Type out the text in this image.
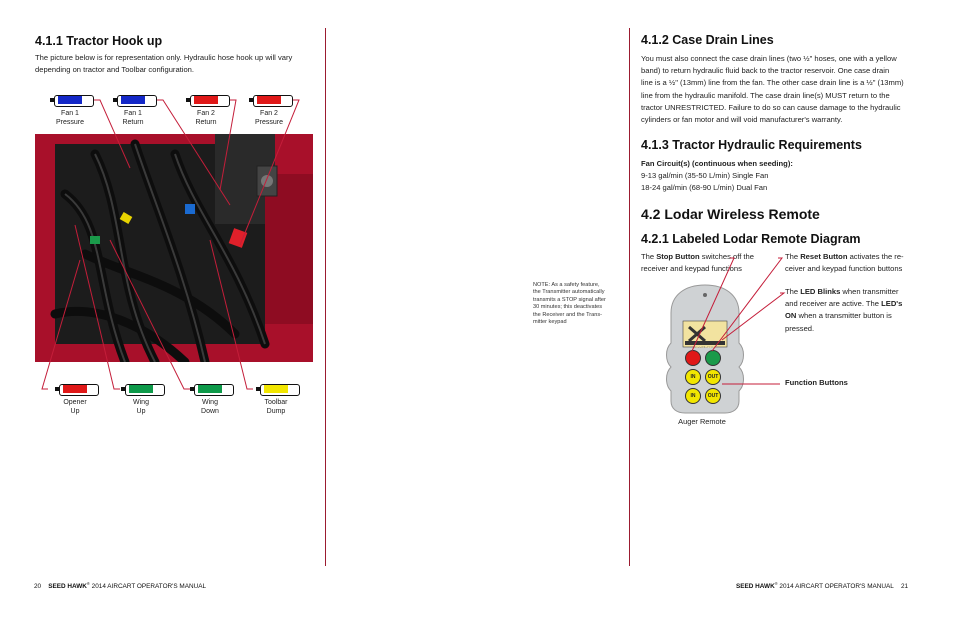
4.1.1 Tractor Hook up
The picture below is for representation only. Hydraulic hose hook up will vary
depending on tractor and Toolbar configuration.
Fan 1
Pressure
Fan 1
Return
Fan 2
Return
Fan 2
Pressure
Opener
Up
Wing
Up
Wing
Down
Toolbar
Dump
20 SEED HAWK® 2014 AIRCART OPERATOR'S MANUAL
NOTE: As a safety feature,
the Transmitter automatically
transmits a STOP signal after
30 minutes; this deactivates
the Receiver and the Trans-
mitter keypad
4.1.2 Case Drain Lines
You must also connect the case drain lines (two ½" hoses, one with a yellow
band) to return hydraulic fluid back to the tractor reservoir. One case drain
line is a ½" (13mm) line from the fan. The other case drain line is a ½" (13mm)
line from the hydraulic manifold. The case drain line(s) MUST return to the
tractor UNRESTRICTED. Failure to do so can cause damage to the hydraulic
cylinders or fan motor and will void manufacturer's warranty.
4.1.3 Tractor Hydraulic Requirements
Fan Circuit(s) (continuous when seeding):
9-13 gal/min (35-50 L/min) Single Fan
18-24 gal/min (68-90 L/min) Dual Fan
4.2 Lodar Wireless Remote
4.2.1 Labeled Lodar Remote Diagram
The Stop Button switches off the
receiver and keypad functions
The Reset Button activates the re-
ceiver and keypad function buttons
The LED Blinks when transmitter
and receiver are active. The LED's
ON when a transmitter button is
pressed.
Function Buttons
SEED HAWK
IN	OUT
IN	OUT
Auger Remote
SEED HAWK® 2014 AIRCART OPERATOR'S MANUAL 21
